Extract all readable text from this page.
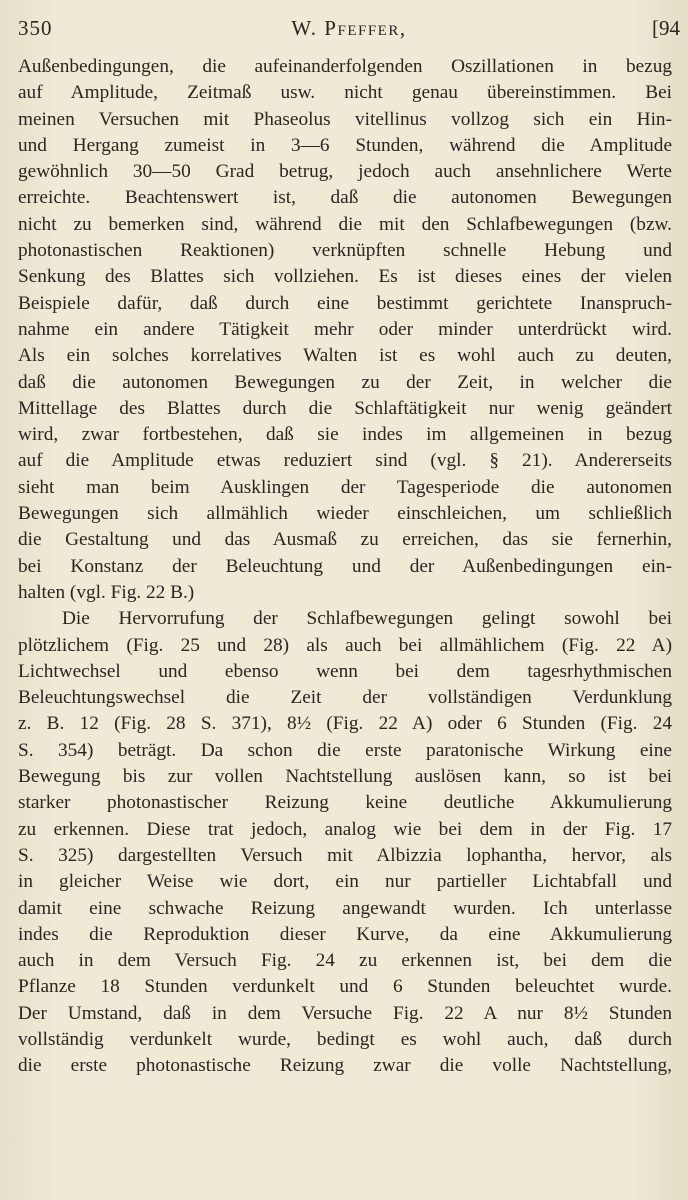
350	W. Pfeffer,	[94
Außenbedingungen, die aufeinanderfolgenden Oszillationen in bezug
auf Amplitude, Zeitmaß usw. nicht genau übereinstimmen. Bei
meinen Versuchen mit Phaseolus vitellinus vollzog sich ein Hin-
und Hergang zumeist in 3—6 Stunden, während die Amplitude
gewöhnlich 30—50 Grad betrug, jedoch auch ansehnlichere Werte
erreichte. Beachtenswert ist, daß die autonomen Bewegungen
nicht zu bemerken sind, während die mit den Schlafbewegungen (bzw.
photonastischen Reaktionen) verknüpften schnelle Hebung und
Senkung des Blattes sich vollziehen. Es ist dieses eines der vielen
Beispiele dafür, daß durch eine bestimmt gerichtete Inanspruch-
nahme ein andere Tätigkeit mehr oder minder unterdrückt wird.
Als ein solches korrelatives Walten ist es wohl auch zu deuten,
daß die autonomen Bewegungen zu der Zeit, in welcher die
Mittellage des Blattes durch die Schlaftätigkeit nur wenig geändert
wird, zwar fortbestehen, daß sie indes im allgemeinen in bezug
auf die Amplitude etwas reduziert sind (vgl. § 21). Andererseits
sieht man beim Ausklingen der Tagesperiode die autonomen
Bewegungen sich allmählich wieder einschleichen, um schließlich
die Gestaltung und das Ausmaß zu erreichen, das sie fernerhin,
bei Konstanz der Beleuchtung und der Außenbedingungen ein-
halten (vgl. Fig. 22 B.)
Die Hervorrufung der Schlafbewegungen gelingt sowohl bei
plötzlichem (Fig. 25 und 28) als auch bei allmählichem (Fig. 22 A)
Lichtwechsel und ebenso wenn bei dem tagesrhythmischen
Beleuchtungswechsel die Zeit der vollständigen Verdunklung
z. B. 12 (Fig. 28 S. 371), 8½ (Fig. 22 A) oder 6 Stunden (Fig. 24
S. 354) beträgt. Da schon die erste paratonische Wirkung eine
Bewegung bis zur vollen Nachtstellung auslösen kann, so ist bei
starker photonastischer Reizung keine deutliche Akkumulierung
zu erkennen. Diese trat jedoch, analog wie bei dem in der Fig. 17
S. 325) dargestellten Versuch mit Albizzia lophantha, hervor, als
in gleicher Weise wie dort, ein nur partieller Lichtabfall und
damit eine schwache Reizung angewandt wurden. Ich unterlasse
indes die Reproduktion dieser Kurve, da eine Akkumulierung
auch in dem Versuch Fig. 24 zu erkennen ist, bei dem die
Pflanze 18 Stunden verdunkelt und 6 Stunden beleuchtet wurde.
Der Umstand, daß in dem Versuche Fig. 22 A nur 8½ Stunden
vollständig verdunkelt wurde, bedingt es wohl auch, daß durch
die erste photonastische Reizung zwar die volle Nachtstellung,
